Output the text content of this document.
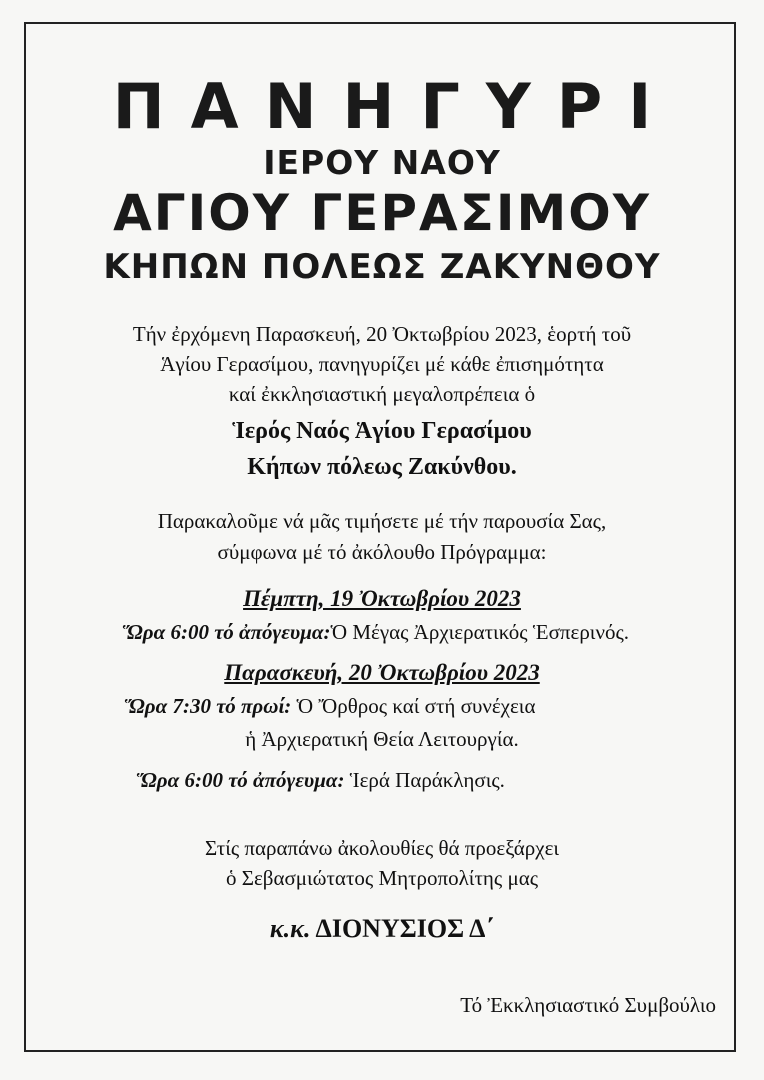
ΠΑΝΗΓΥΡΙ
ΙΕΡΟΥ ΝΑΟΥ
ΑΓΙΟΥ ΓΕΡΑΣΙΜΟΥ
ΚΗΠΩΝ ΠΟΛΕΩΣ ΖΑΚΥΝΘΟΥ
Τήν ἐρχόμενη Παρασκευή, 20 Ὀκτωβρίου 2023, ἑορτή τοῦ
Ἁγίου Γερασίμου, πανηγυρίζει μέ κάθε ἐπισημότητα
καί ἐκκλησιαστική μεγαλοπρέπεια ὁ
Ἱερός Ναός Ἁγίου Γερασίμου
Κήπων πόλεως Ζακύνθου.
Παρακαλοῦμε νά μᾶς τιμήσετε μέ τήν παρουσία Σας,
σύμφωνα μέ τό ἀκόλουθο Πρόγραμμα:
Πέμπτη, 19 Ὀκτωβρίου 2023
Ὥρα 6:00 τό ἀπόγευμα:Ὁ Μέγας Ἀρχιερατικός Ἑσπερινός.
Παρασκευή, 20 Ὀκτωβρίου 2023
Ὥρα 7:30 τό πρωί: Ὁ Ὄρθρος καί στή συνέχεια
ἡ Ἀρχιερατική Θεία Λειτουργία.
Ὥρα 6:00 τό ἀπόγευμα: Ἱερά Παράκλησις.
Στίς παραπάνω ἀκολουθίες θά προεξάρχει
ὁ Σεβασμιώτατος Μητροπολίτης μας
κ.κ. ΔΙΟΝΥΣΙΟΣ Δ΄
Τό Ἐκκλησιαστικό Συμβούλιο
